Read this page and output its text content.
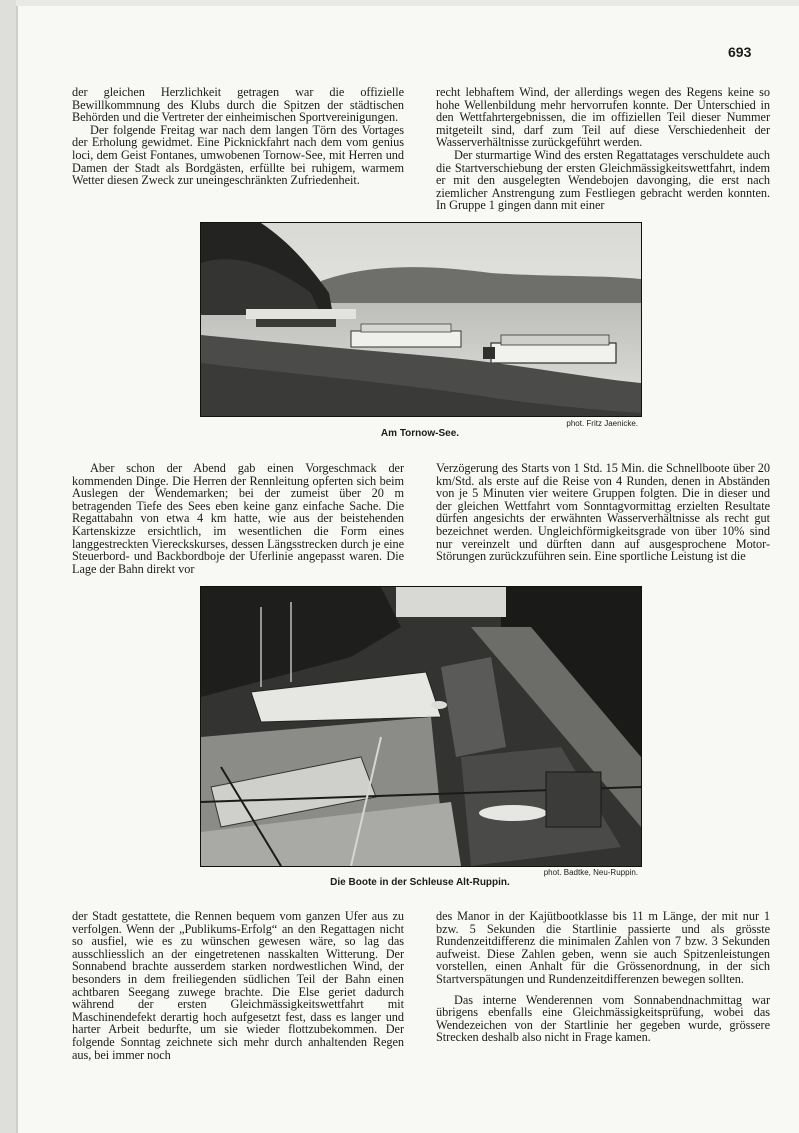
693

der gleichen Herzlichkeit getragen war die offizielle Bewillkommnung des Klubs durch die Spitzen der städtischen Behörden und die Vertreter der einheimischen Sportvereinigungen.

Der folgende Freitag war nach dem langen Törn des Vortages der Erholung gewidmet. Eine Picknickfahrt nach dem vom genius loci, dem Geist Fontanes, umwobenen Tornow-See, mit Herren und Damen der Stadt als Bordgästen, erfüllte bei ruhigem, warmem Wetter diesen Zweck zur uneingeschränkten Zufriedenheit.

recht lebhaftem Wind, der allerdings wegen des Regens keine so hohe Wellenbildung mehr hervorrufen konnte. Der Unterschied in den Wettfahrtergebnissen, die im offiziellen Teil dieser Nummer mitgeteilt sind, darf zum Teil auf diese Verschiedenheit der Wasserverhältnisse zurückgeführt werden.

Der sturmartige Wind des ersten Regattatages verschuldete auch die Startverschiebung der ersten Gleichmässigkeitswettfahrt, indem er mit den ausgelegten Wendebojen davonging, die erst nach ziemlicher Anstrengung zum Festliegen gebracht werden konnten. In Gruppe 1 gingen dann mit einer

phot. Fritz Jaenicke.
Am Tornow-See.

Aber schon der Abend gab einen Vorgeschmack der kommenden Dinge. Die Herren der Rennleitung opferten sich beim Auslegen der Wendemarken; bei der zumeist über 20 m betragenden Tiefe des Sees eben keine ganz einfache Sache. Die Regattabahn von etwa 4 km hatte, wie aus der beistehenden Kartenskizze ersichtlich, im wesentlichen die Form eines langgestreckten Viereckskurses, dessen Längsstrecken durch je eine Steuerbord- und Backbordboje der Uferlinie angepasst waren. Die Lage der Bahn direkt vor

Verzögerung des Starts von 1 Std. 15 Min. die Schnellboote über 20 km/Std. als erste auf die Reise von 4 Runden, denen in Abständen von je 5 Minuten vier weitere Gruppen folgten. Die in dieser und der gleichen Wettfahrt vom Sonntagvormittag erzielten Resultate dürfen angesichts der erwähnten Wasserverhältnisse als recht gut bezeichnet werden. Ungleichförmigkeitsgrade von über 10% sind nur vereinzelt und dürften dann auf ausgesprochene Motor-Störungen zurückzuführen sein. Eine sportliche Leistung ist die

phot. Badtke, Neu-Ruppin.
Die Boote in der Schleuse Alt-Ruppin.

der Stadt gestattete, die Rennen bequem vom ganzen Ufer aus zu verfolgen. Wenn der „Publikums-Erfolg“ an den Regattagen nicht so ausfiel, wie es zu wünschen gewesen wäre, so lag das ausschliesslich an der eingetretenen nasskalten Witterung. Der Sonnabend brachte ausserdem starken nordwestlichen Wind, der besonders in dem freiliegenden südlichen Teil der Bahn einen achtbaren Seegang zuwege brachte. Die Else geriet dadurch während der ersten Gleichmässigkeitswettfahrt mit Maschinendefekt derartig hoch aufgesetzt fest, dass es langer und harter Arbeit bedurfte, um sie wieder flottzubekommen. Der folgende Sonntag zeichnete sich mehr durch anhaltenden Regen aus, bei immer noch

des Manor in der Kajütbootklasse bis 11 m Länge, der mit nur 1 bzw. 5 Sekunden die Startlinie passierte und als grösste Rundenzeitdifferenz die minimalen Zahlen von 7 bzw. 3 Sekunden aufweist. Diese Zahlen geben, wenn sie auch Spitzenleistungen vorstellen, einen Anhalt für die Grössenordnung, in der sich Startverspätungen und Rundenzeitdifferenzen bewegen sollten.

Das interne Wenderennen vom Sonnabendnachmittag war übrigens ebenfalls eine Gleichmässigkeitsprüfung, wobei das Wendezeichen von der Startlinie her gegeben wurde, grössere Strecken deshalb also nicht in Frage kamen.
